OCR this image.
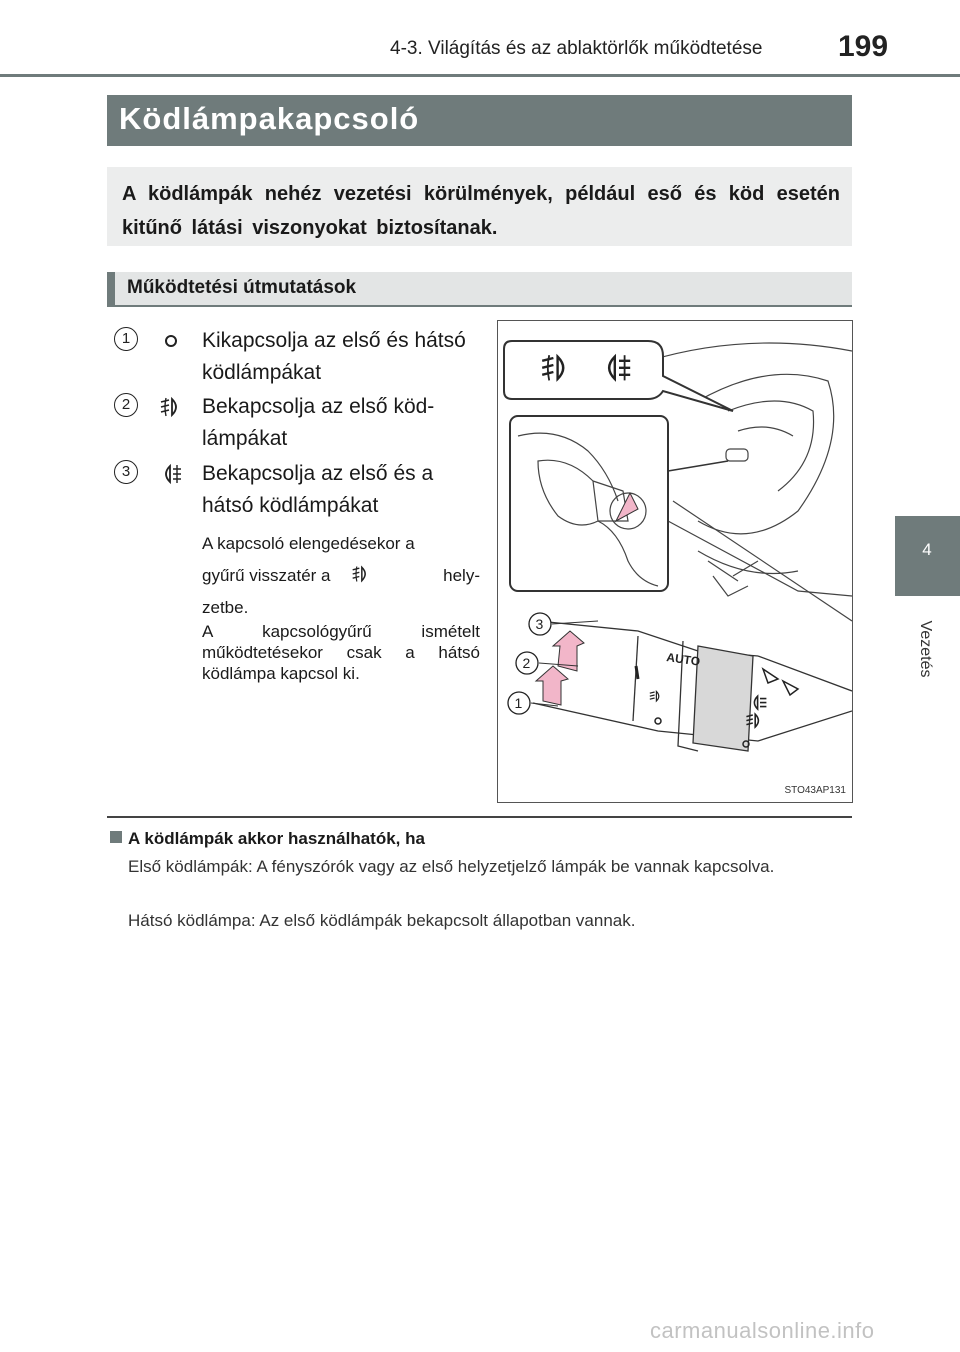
4-3. Világítás és az ablaktörlők működtetése	199
4
Vezetés
Ködlámpakapcsoló

A ködlámpák nehéz vezetési körülmények, például eső és köd esetén kitűnő látási viszonyokat biztosítanak.

Működtetési útmutatások
1	Kikapcsolja az első és hátsó ködlámpákat
2	Bekapcsolja az első köd-lámpákat
3	Bekapcsolja az első és a hátsó ködlámpákat
A kapcsoló elengedésekor a
gyűrű visszatér a	hely-
zetbe.
A kapcsológyűrű ismételt működtetésekor csak a hátsó ködlámpa kapcsol ki.
AUTO
3
2
1
STO43AP131
A ködlámpák akkor használhatók, ha
Első ködlámpák: A fényszórók vagy az első helyzetjelző lámpák be vannak kapcsolva.
Hátsó ködlámpa: Az első ködlámpák bekapcsolt állapotban vannak.
carmanualsonline.info
